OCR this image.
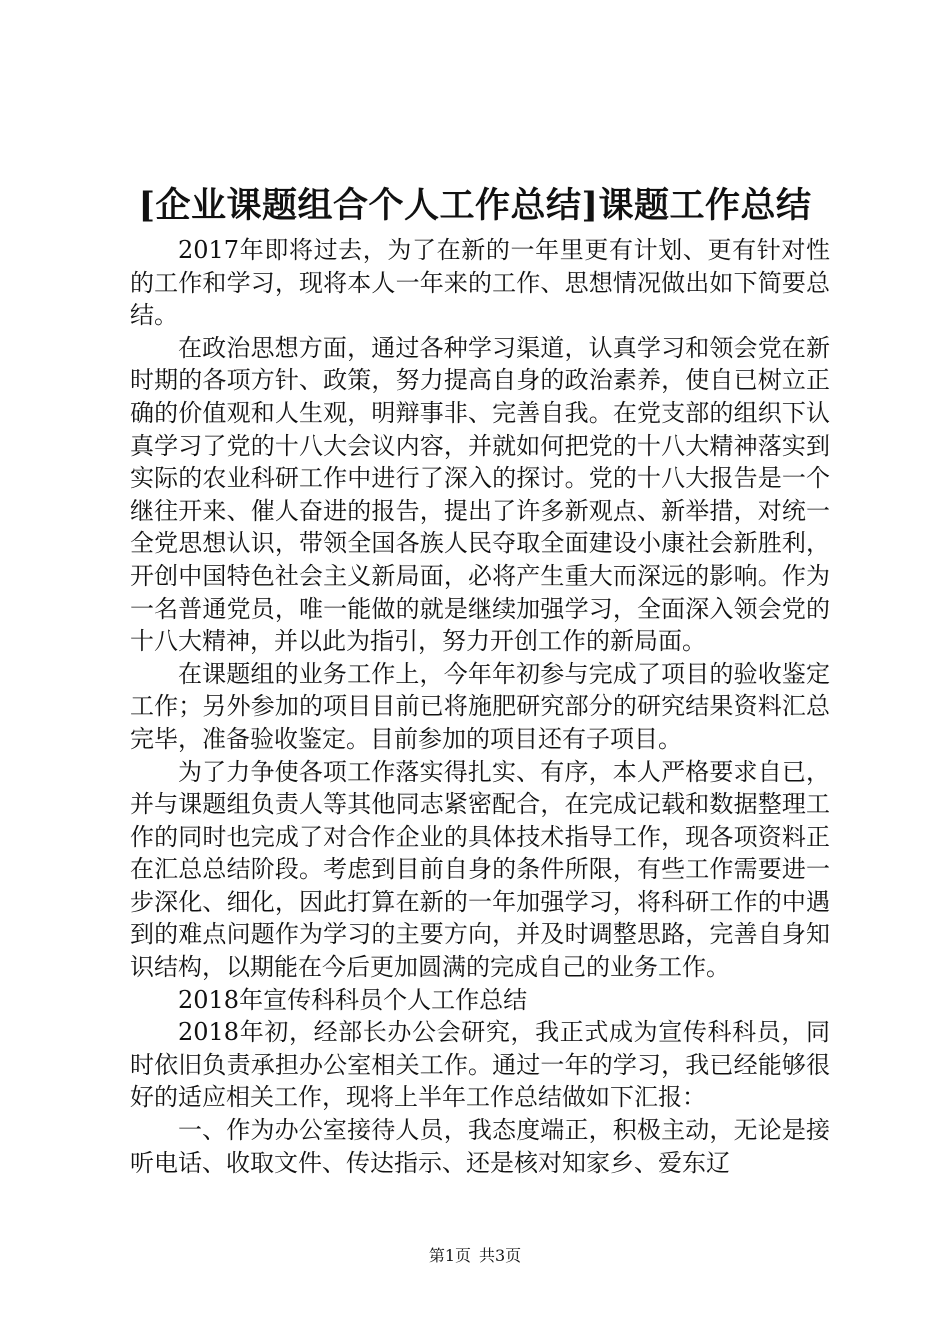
[企业课题组合个人工作总结]课题工作总结

2017年即将过去，为了在新的一年里更有计划、更有针对性的工作和学习，现将本人一年来的工作、思想情况做出如下简要总结。

在政治思想方面，通过各种学习渠道，认真学习和领会党在新时期的各项方针、政策，努力提高自身的政治素养，使自已树立正确的价值观和人生观，明辩事非、完善自我。在党支部的组织下认真学习了党的十八大会议内容，并就如何把党的十八大精神落实到实际的农业科研工作中进行了深入的探讨。党的十八大报告是一个继往开来、催人奋进的报告，提出了许多新观点、新举措，对统一全党思想认识，带领全国各族人民夺取全面建设小康社会新胜利，开创中国特色社会主义新局面，必将产生重大而深远的影响。作为一名普通党员，唯一能做的就是继续加强学习，全面深入领会党的十八大精神，并以此为指引，努力开创工作的新局面。

在课题组的业务工作上，今年年初参与完成了项目的验收鉴定工作；另外参加的项目目前已将施肥研究部分的研究结果资料汇总完毕，准备验收鉴定。目前参加的项目还有子项目。

为了力争使各项工作落实得扎实、有序，本人严格要求自已，并与课题组负责人等其他同志紧密配合，在完成记载和数据整理工作的同时也完成了对合作企业的具体技术指导工作，现各项资料正在汇总总结阶段。考虑到目前自身的条件所限，有些工作需要进一步深化、细化，因此打算在新的一年加强学习，将科研工作的中遇到的难点问题作为学习的主要方向，并及时调整思路，完善自身知识结构，以期能在今后更加圆满的完成自己的业务工作。

2018年宣传科科员个人工作总结

2018年初，经部长办公会研究，我正式成为宣传科科员，同时依旧负责承担办公室相关工作。通过一年的学习，我已经能够很好的适应相关工作，现将上半年工作总结做如下汇报：

一、作为办公室接待人员，我态度端正，积极主动，无论是接听电话、收取文件、传达指示、还是核对知家乡、爱东辽

第1页 共3页
